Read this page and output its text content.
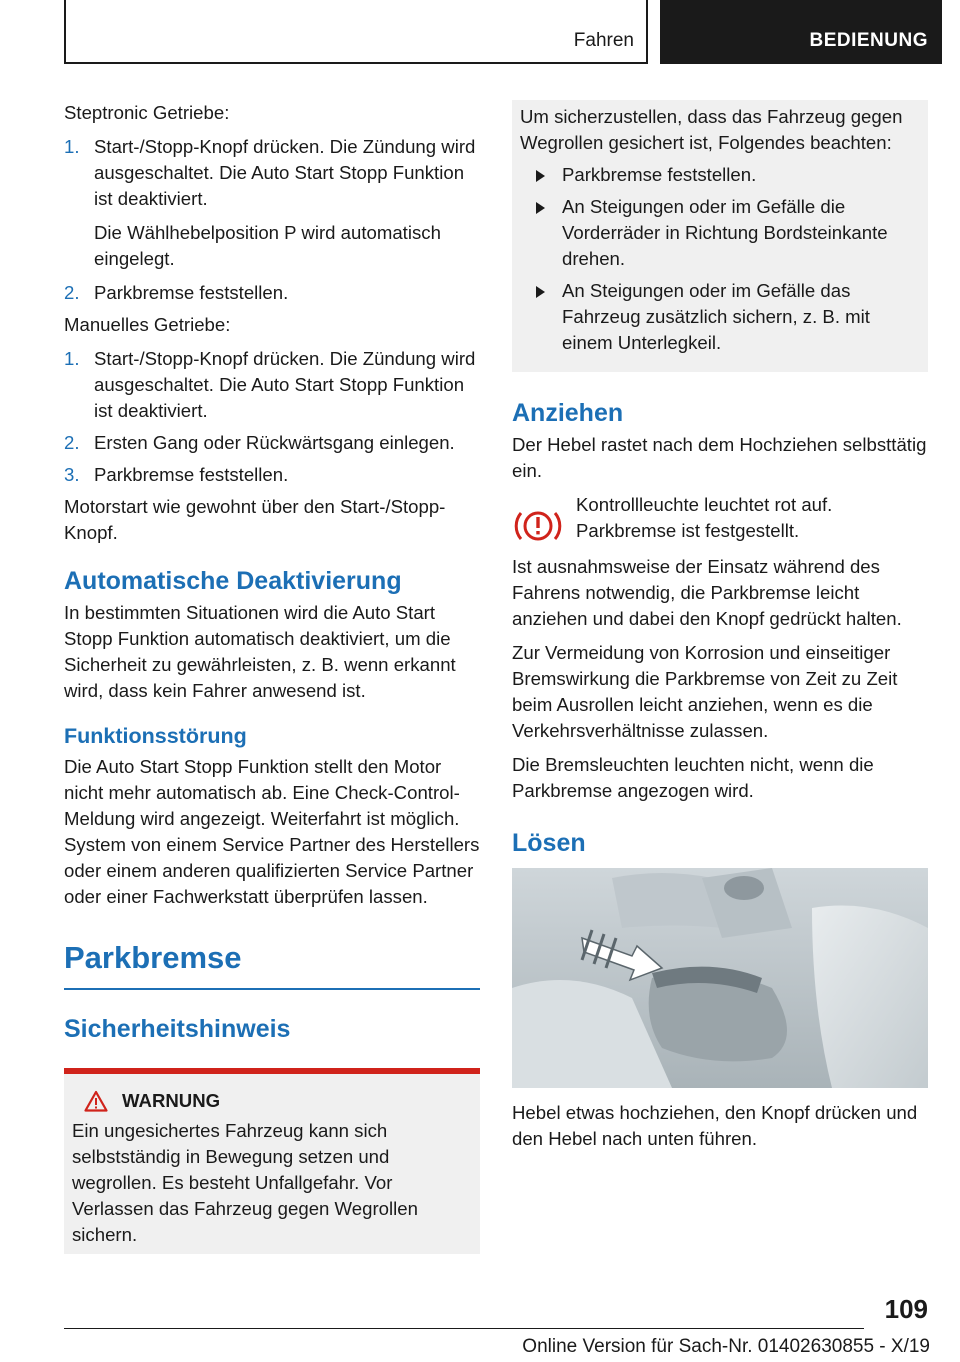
Fahren	BEDIENUNG

Steptronic Getriebe:

1. Start-/Stopp-Knopf drücken. Die Zündung wird ausgeschaltet. Die Auto Start Stopp Funktion ist deaktiviert.

Die Wählhebelposition P wird automatisch eingelegt.

2. Parkbremse feststellen.

Manuelles Getriebe:

1. Start-/Stopp-Knopf drücken. Die Zündung wird ausgeschaltet. Die Auto Start Stopp Funktion ist deaktiviert.
2. Ersten Gang oder Rückwärtsgang einlegen.
3. Parkbremse feststellen.

Motorstart wie gewohnt über den Start-/Stopp-Knopf.

Automatische Deaktivierung

In bestimmten Situationen wird die Auto Start Stopp Funktion automatisch deaktiviert, um die Sicherheit zu gewährleisten, z. B. wenn erkannt wird, dass kein Fahrer anwesend ist.

Funktionsstörung

Die Auto Start Stopp Funktion stellt den Motor nicht mehr automatisch ab. Eine Check-Control-Meldung wird angezeigt. Weiterfahrt ist möglich. System von einem Service Partner des Herstellers oder einem anderen qualifizierten Service Partner oder einer Fachwerkstatt überprüfen lassen.

Parkbremse
Sicherheitshinweis
WARNUNG

Ein ungesichertes Fahrzeug kann sich selbstständig in Bewegung setzen und wegrollen. Es besteht Unfallgefahr. Vor Verlassen das Fahrzeug gegen Wegrollen sichern.

Um sicherzustellen, dass das Fahrzeug gegen Wegrollen gesichert ist, Folgendes beachten:

Parkbremse feststellen.
An Steigungen oder im Gefälle die Vorderräder in Richtung Bordsteinkante drehen.
An Steigungen oder im Gefälle das Fahrzeug zusätzlich sichern, z. B. mit einem Unterlegkeil.
Anziehen

Der Hebel rastet nach dem Hochziehen selbsttätig ein.

Kontrollleuchte leuchtet rot auf. Parkbremse ist festgestellt.

Ist ausnahmsweise der Einsatz während des Fahrens notwendig, die Parkbremse leicht anziehen und dabei den Knopf gedrückt halten.

Zur Vermeidung von Korrosion und einseitiger Bremswirkung die Parkbremse von Zeit zu Zeit beim Ausrollen leicht anziehen, wenn es die Verkehrsverhältnisse zulassen.

Die Bremsleuchten leuchten nicht, wenn die Parkbremse angezogen wird.

Lösen

Hebel etwas hochziehen, den Knopf drücken und den Hebel nach unten führen.

109
Online Version für Sach-Nr. 01402630855 - X/19
